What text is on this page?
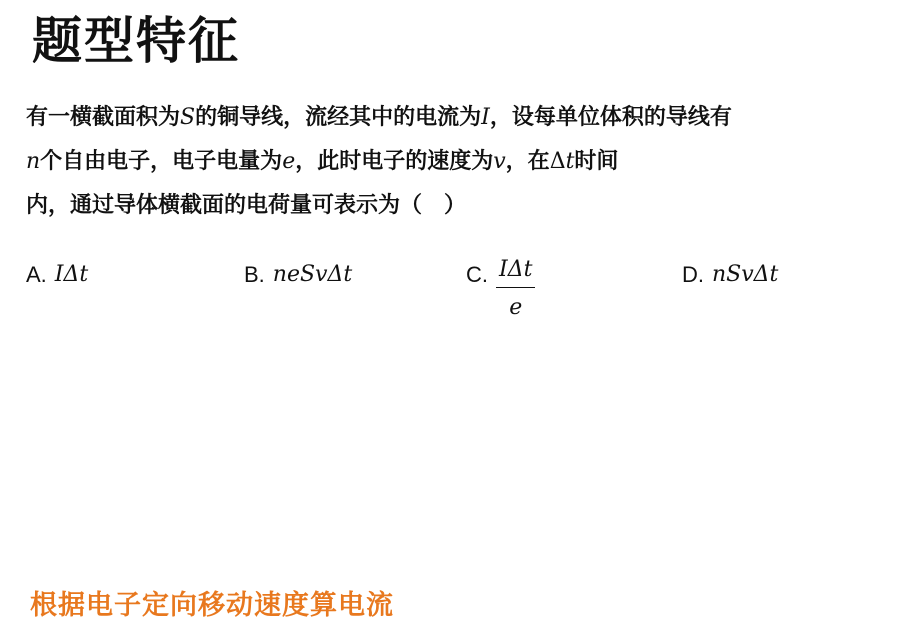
题型特征
有一横截面积为S的铜导线，流经其中的电流为I，设每单位体积的导线有
n个自由电子，电子电量为e，此时电子的速度为v，在Δt时间
内，通过导体横截面的电荷量可表示为（　）
A. IΔt	B. neSvΔt	C. $\frac{\text{IΔt}}{e}$	D. nSvΔt

根据电子定向移动速度算电流
